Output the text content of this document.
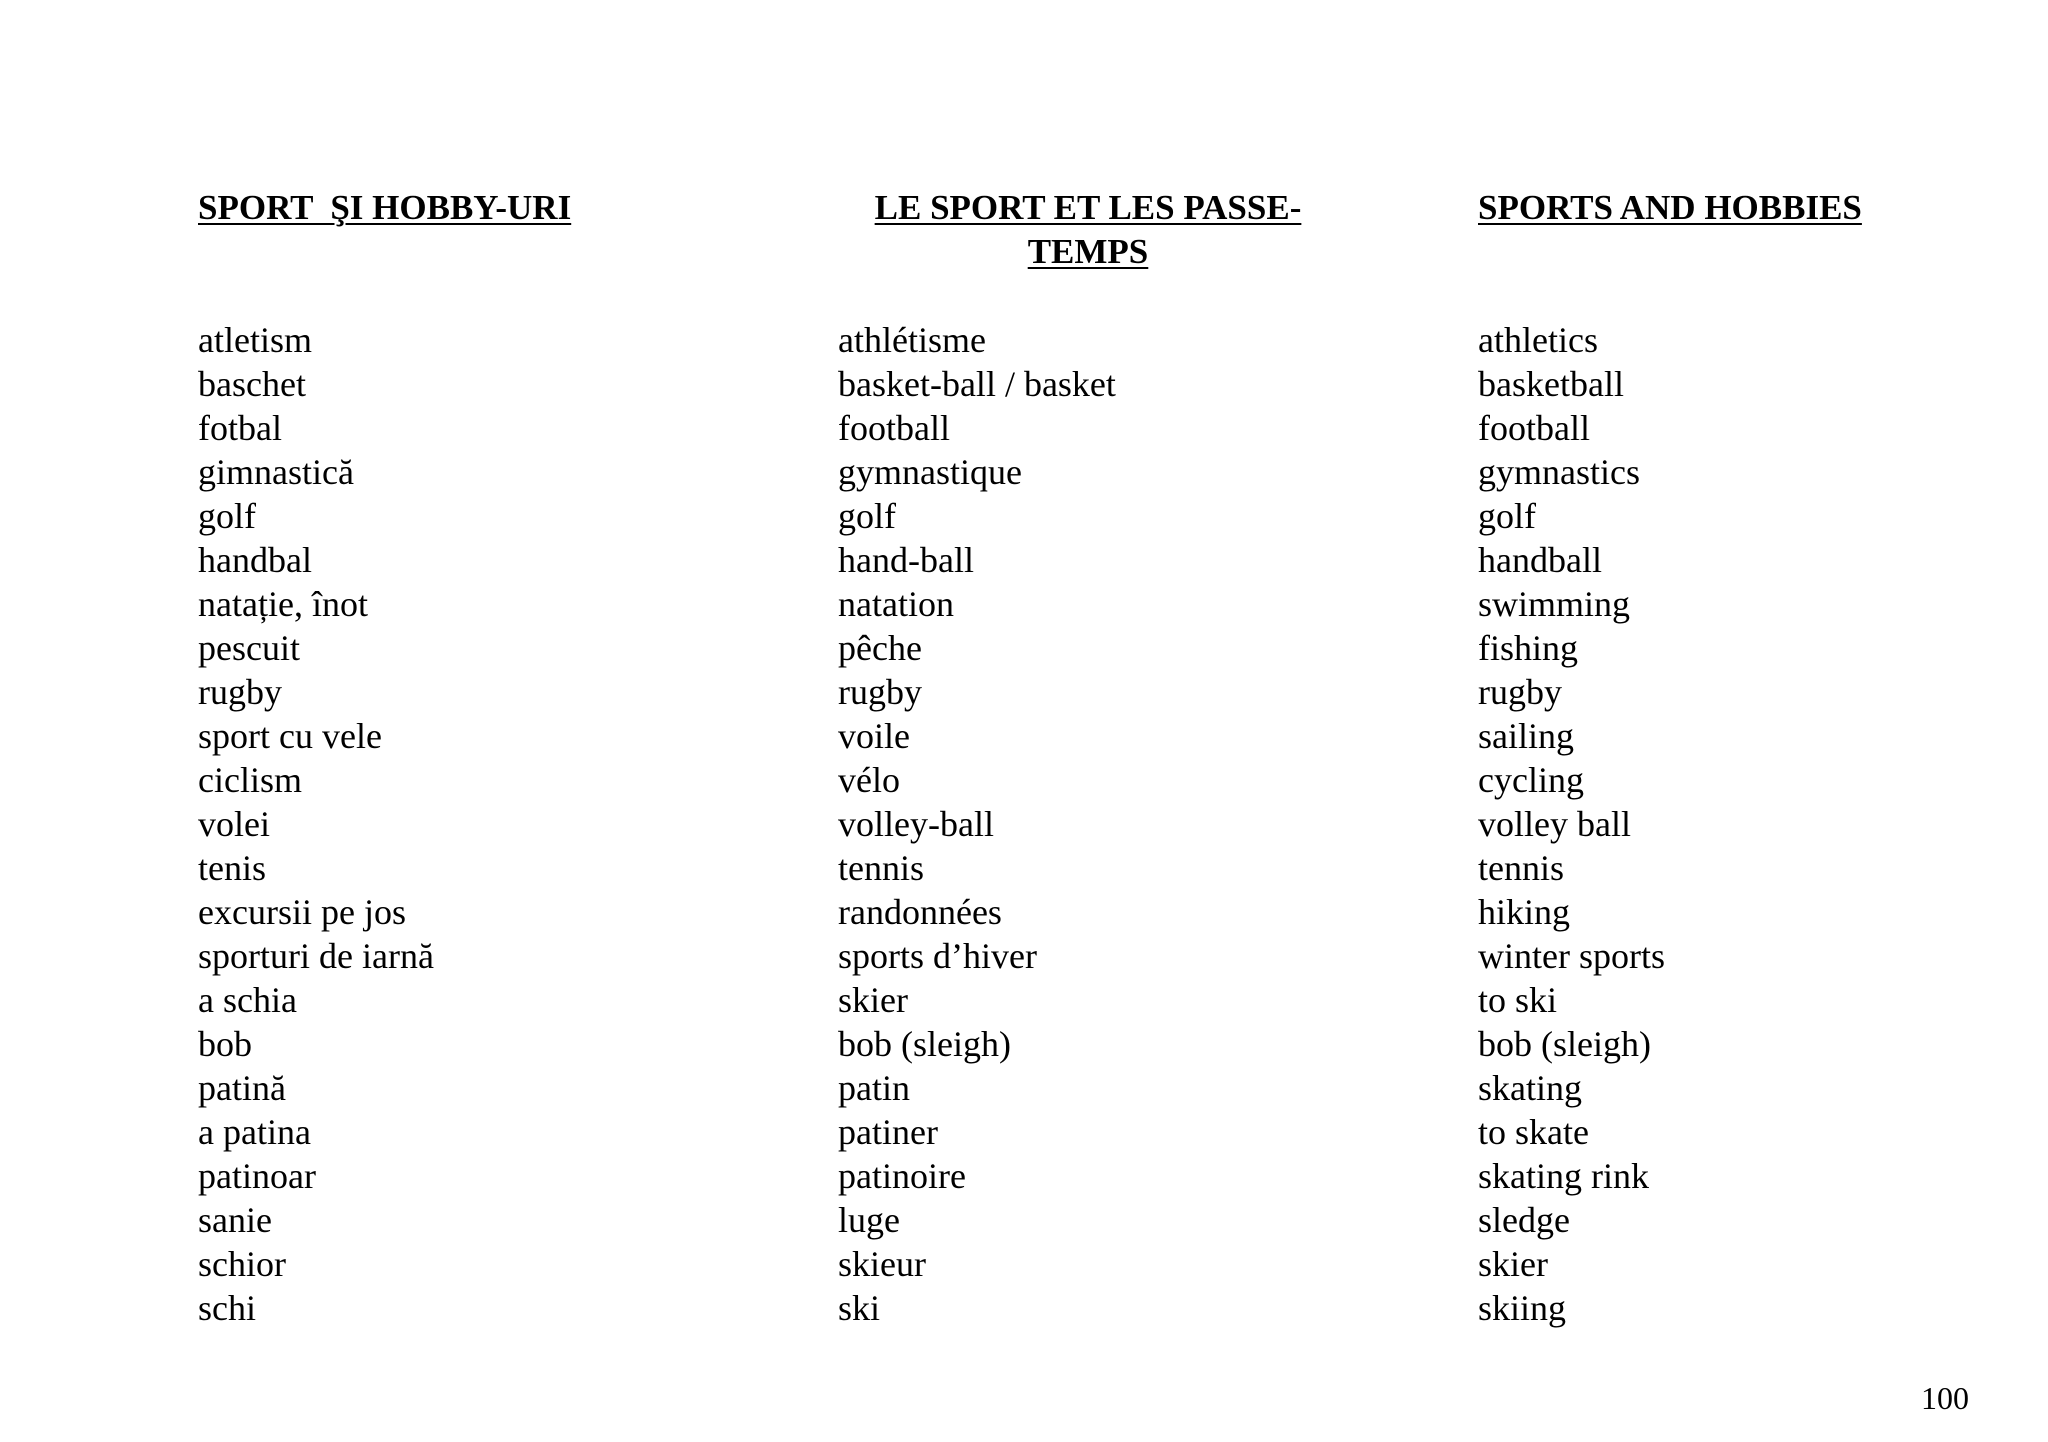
SPORT  ŞI HOBBY-URI
atletism
baschet
fotbal
gimnastică
golf
handbal
natație, înot
pescuit
rugby
sport cu vele
ciclism
volei
tenis
excursii pe jos
sporturi de iarnă
a schia
bob
patină
a patina
patinoar
sanie
schior
schi
LE SPORT ET LES PASSE-
TEMPS
athlétisme
basket-ball / basket
football
gymnastique
golf
hand-ball
natation
pêche
rugby
voile
vélo
volley-ball
tennis
randonnées
sports d’hiver
skier
bob (sleigh)
patin
patiner
patinoire
luge
skieur
ski
SPORTS AND HOBBIES
athletics
basketball
football
gymnastics
golf
handball
swimming
fishing
rugby
sailing
cycling
volley ball
tennis
hiking
winter sports
to ski
bob (sleigh)
skating
to skate
skating rink
sledge
skier
skiing
100
